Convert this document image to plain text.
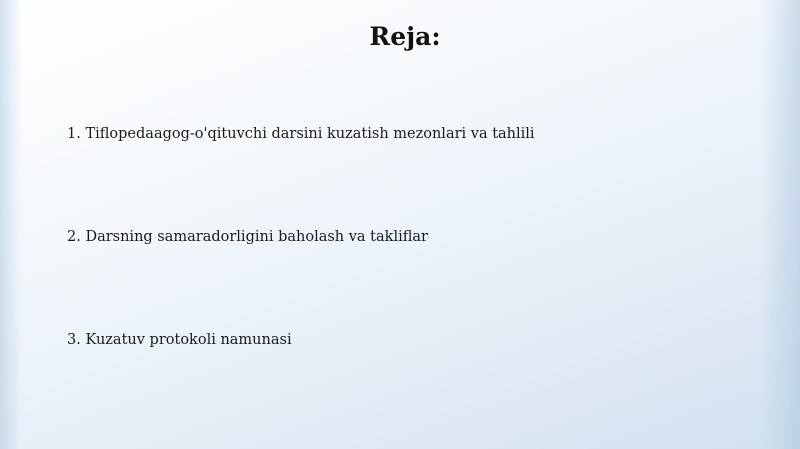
Reja:
1. Tiflopedaagog-o'qituvchi darsini kuzatish mezonlari va tahlili
2. Darsning samaradorligini baholash va takliflar
3. Kuzatuv protokoli namunasi
